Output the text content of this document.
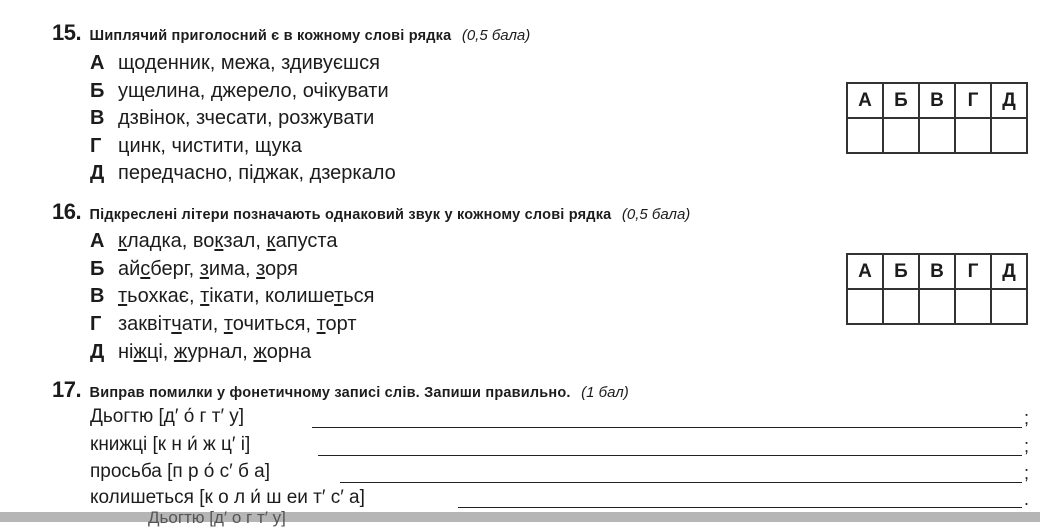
15. Шиплячий приголосний є в кожному слові рядка (0,5 бала)
А щоденник, межа, здивуєшся
Б ущелина, джерело, очікувати
В дзвінок, зчесати, розжувати
Г цинк, чистити, щука
Д передчасно, піджак, дзеркало
А	Б	В	Г	Д

16. Підкреслені літери позначають однаковий звук у кожному слові рядка (0,5 бала)
А кладка, вокзал, капуста
Б айсберг, зима, зоря
В тьохкає, тікати, колишеться
Г заквітчати, точиться, торт
Д ніжці, журнал, жорна
А	Б	В	Г	Д

17. Виправ помилки у фонетичному записі слів. Запиши правильно. (1 бал)
Дьогтю [д′ о́ г т′ у]	;
книжці [к н и́ ж ц′ і]	;
просьба [п р о́ с′ б а]	;
колишеться [к о л и́ ш еи т′ с′ а]	.
Дьогтю [д′ о г т′ у]
